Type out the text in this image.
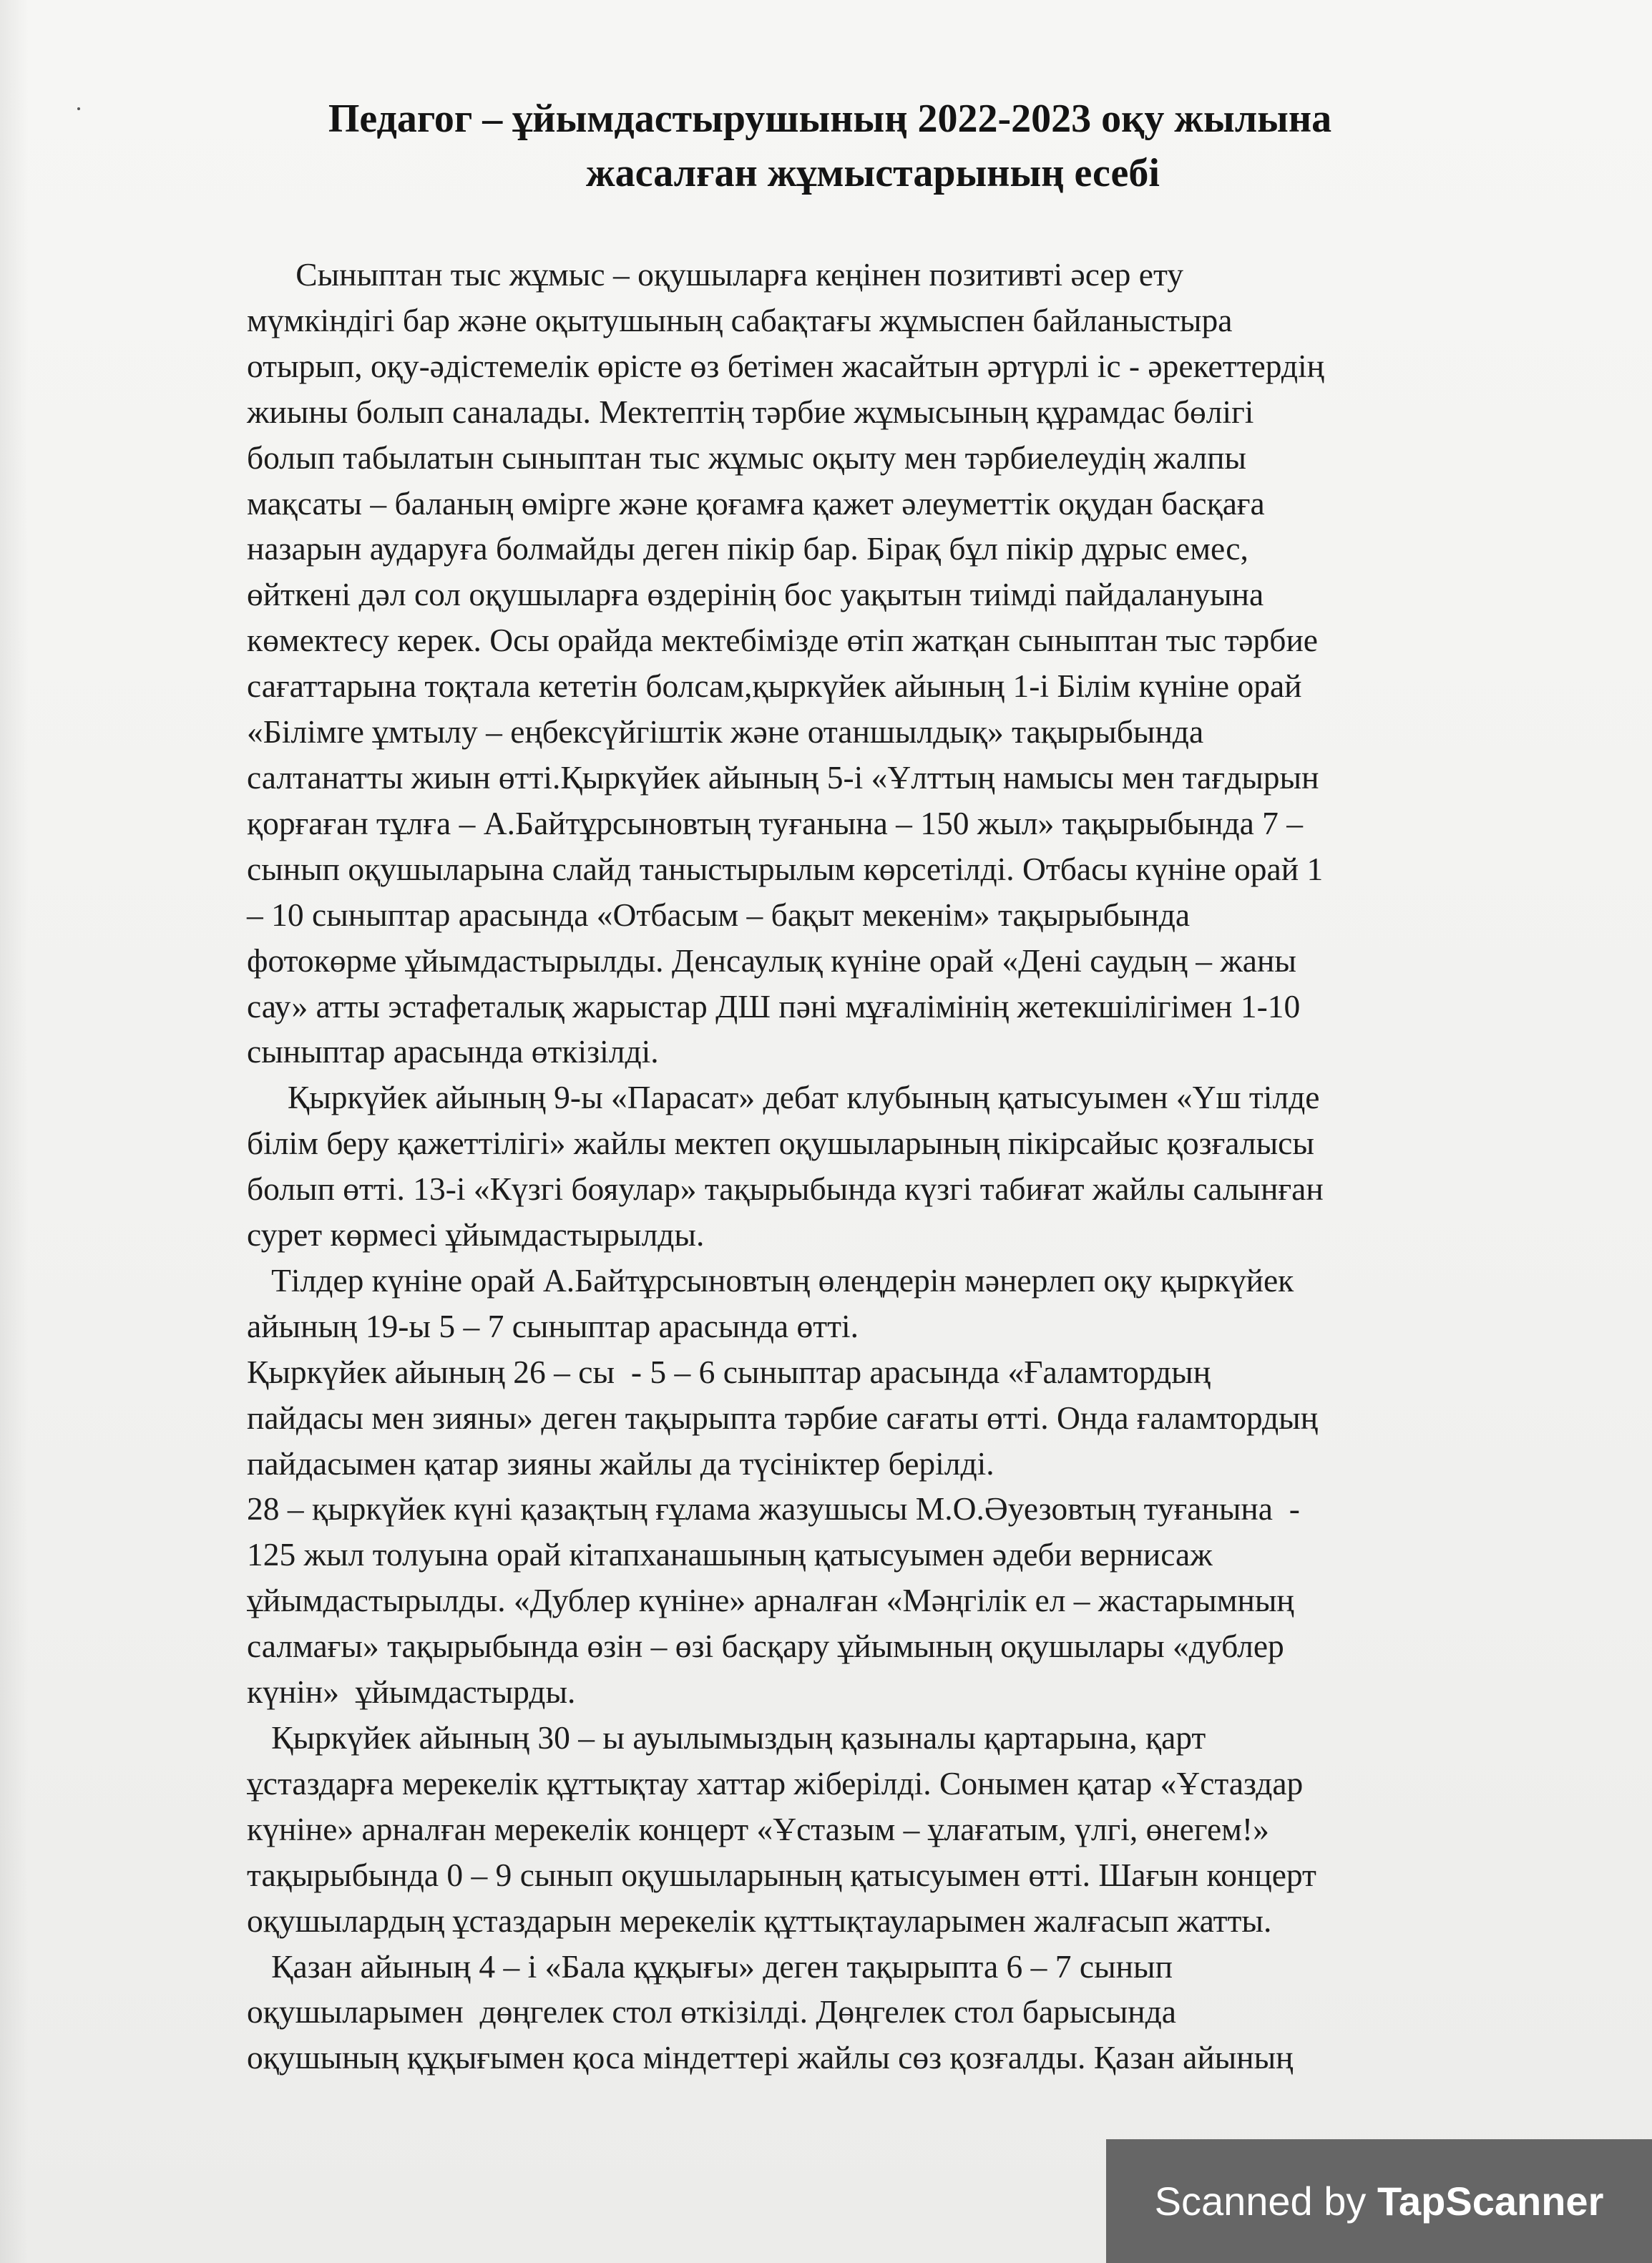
Педагог – ұйымдастырушының 2022-2023 оқу жылына
жасалған жұмыстарының есебі
Сыныптан тыс жұмыс – оқушыларға кеңінен позитивті әсер ету
мүмкіндігі бар және оқытушының сабақтағы жұмыспен байланыстыра
отырып, оқу-әдістемелік өрісте өз бетімен жасайтын әртүрлі іс - әрекеттердің
жиыны болып саналады. Мектептің тәрбие жұмысының құрамдас бөлігі
болып табылатын сыныптан тыс жұмыс оқыту мен тәрбиелеудің жалпы
мақсаты – баланың өмірге және қоғамға қажет әлеуметтік оқудан басқаға
назарын аударуға болмайды деген пікір бар. Бірақ бұл пікір дұрыс емес,
өйткені дәл сол оқушыларға өздерінің бос уақытын тиімді пайдалануына
көмектесу керек. Осы орайда мектебімізде өтіп жатқан сыныптан тыс тәрбие
сағаттарына тоқтала кететін болсам,қыркүйек айының 1-і Білім күніне орай
«Білімге ұмтылу – еңбексүйгіштік және отаншылдық» тақырыбында
салтанатты жиын өтті.Қыркүйек айының 5-і «Ұлттың намысы мен тағдырын
қорғаған тұлға – А.Байтұрсыновтың туғанына – 150 жыл» тақырыбында 7 –
сынып оқушыларына слайд таныстырылым көрсетілді. Отбасы күніне орай 1
– 10 сыныптар арасында «Отбасым – бақыт мекенім» тақырыбында
фотокөрме ұйымдастырылды. Денсаулық күніне орай «Дені саудың – жаны
сау» атты эстафеталық жарыстар ДШ пәні мұғалімінің жетекшілігімен 1-10
сыныптар арасында өткізілді.
Қыркүйек айының 9-ы «Парасат» дебат клубының қатысуымен «Үш тілде
білім беру қажеттілігі» жайлы мектеп оқушыларының пікірсайыс қозғалысы
болып өтті. 13-і «Күзгі бояулар» тақырыбында күзгі табиғат жайлы салынған
сурет көрмесі ұйымдастырылды.
Тілдер күніне орай А.Байтұрсыновтың өлеңдерін мәнерлеп оқу қыркүйек
айының 19-ы 5 – 7 сыныптар арасында өтті.
Қыркүйек айының 26 – сы  - 5 – 6 сыныптар арасында «Ғаламтордың
пайдасы мен зияны» деген тақырыпта тәрбие сағаты өтті. Онда ғаламтордың
пайдасымен қатар зияны жайлы да түсініктер берілді.
28 – қыркүйек күні қазақтың ғұлама жазушысы М.О.Әуезовтың туғанына  -
125 жыл толуына орай кітапханашының қатысуымен әдеби вернисаж
ұйымдастырылды. «Дублер күніне» арналған «Мәңгілік ел – жастарымның
салмағы» тақырыбында өзін – өзі басқару ұйымының оқушылары «дублер
күнін»  ұйымдастырды.
Қыркүйек айының 30 – ы ауылымыздың қазыналы қартарына, қарт
ұстаздарға мерекелік құттықтау хаттар жіберілді. Сонымен қатар «Ұстаздар
күніне» арналған мерекелік концерт «Ұстазым – ұлағатым, үлгі, өнегем!»
тақырыбында 0 – 9 сынып оқушыларының қатысуымен өтті. Шағын концерт
оқушылардың ұстаздарын мерекелік құттықтауларымен жалғасып жатты.
Қазан айының 4 – і «Бала құқығы» деген тақырыпта 6 – 7 сынып
оқушыларымен  дөңгелек стол өткізілді. Дөңгелек стол барысында
оқушының құқығымен қоса міндеттері жайлы сөз қозғалды. Қазан айының
Scanned by TapScanner
